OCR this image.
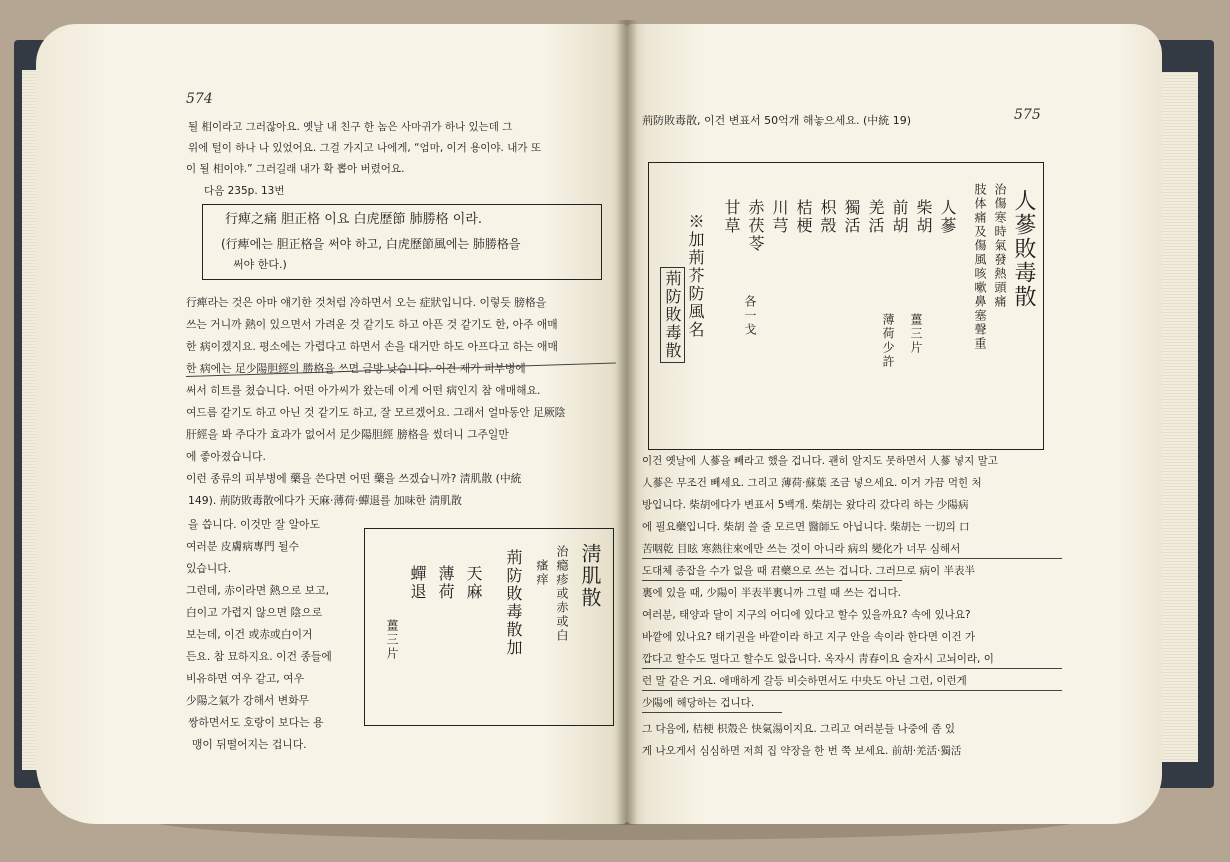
574
될 相이라고 그러잖아요. 옛날 내 친구 한 놈은 사마귀가 하나 있는데 그
위에 털이 하나 나 있었어요. 그걸 가지고 나에게, “엄마, 이거 용이야. 내가 또
이 될 相이야.” 그러길래 내가 확 뽑아 버렸어요.
다음 235p. 13번
行痺之痛 胆正格 이요 白虎歷節 肺勝格 이라.
(行痺에는 胆正格을 써야 하고, 白虎歷節風에는 肺勝格을
써야 한다.)
行痺라는 것은 아마 얘기한 것처럼 冷하면서 오는 症狀입니다. 이렇듯 膀格을
쓰는 거니까 熱이 있으면서 가려운 것 같기도 하고 아픈 것 같기도 한, 아주 애매
한 病이겠지요. 평소에는 가렵다고 하면서 손을 대거만 하도 아프다고 하는 애매
한 病에는 足少陽胆經의 勝格을 쓰면 금방 낫습니다. 이건 제가 피부병에
써서 히트를 쳤습니다. 어떤 아가씨가 왔는데 이게 어떤 病인지 참 애매해요.
여드름 같기도 하고 아닌 것 같기도 하고, 잘 모르겠어요. 그래서 얼마동안 足厥陰
肝經을 봐 주다가 효과가 없어서 足少陽胆經 膀格을 썼더니 그주일만
에 좋아졌습니다.
이런 종류의 피부병에 藥을 쓴다면 어떤 藥을 쓰겠습니까? 淸肌散 (中統
149). 荊防敗毒散에다가 天麻·薄荷·蟬退를 加味한 淸肌散
을 씁니다. 이것만 잘 알아도
여러분 皮膚病專門 될수
있습니다.
그런데, 赤이라면 熱으로 보고,
白이고 가렵지 않으면 陰으로
보는데, 이건 或赤或白이거
든요. 참 묘하지요. 이건 종들에
비유하면 여우 같고, 여우
少陽之氣가 강해서 변화무
쌍하면서도 호랑이 보다는 용
맹이 뒤떨어지는 겁니다.
淸肌散
治瘾疹或赤或白
瘙痒
荊防敗毒散加
天麻
薄荷
蟬退
薑三片
荊防敗毒散, 이건 변표서 50억개 해놓으세요. (中統 19)	575
人蔘敗毒散
治傷寒時氣發熱頭痛
肢体痛及傷風咳嗽鼻塞聲重
人蔘
柴胡
前胡
羌活
獨活
枳殼
桔梗
川芎
赤茯苓
甘草
各一戈	薑三片
薄荷少許
※加荊芥防風名
荊防敗毒散
이건 옛날에 人蔘을 빼라고 했을 겁니다. 괜히 알지도 못하면서 人蔘 넣지 말고
人蔘은 무조건 빼세요. 그리고 薄荷·蘇葉 조금 넣으세요. 이거 가끔 먹힌 처
방입니다. 柴胡에다가 변표서 5백개. 柴胡는 왔다리 갔다리 하는 少陽病
에 필요藥입니다. 柴胡 쓸 줄 모르면 醫師도 아닙니다. 柴胡는 一切의 口
苦咽乾 目眩 寒熱往來에만 쓰는 것이 아니라 病의 變化가 너무 심해서
도대체 종잡을 수가 없을 때 君藥으로 쓰는 겁니다. 그러므로 病이 半表半
裏에 있을 때, 少陽이 半表半裏니까 그럴 때 쓰는 겁니다.
여러분, 태양과 달이 지구의 어디에 있다고 할수 있을까요? 속에 있나요?
바깥에 있나요? 태기권을 바깥이라 하고 지구 안을 속이라 한다면 이건 가
깝다고 할수도 멀다고 할수도 없읍니다. 옥자시 靑春이요 술자시 고뇌이라, 이
런 말 같은 거요. 애매하게 갈등 비슷하면서도 中央도 아닌 그런, 이런게
少陽에 해당하는 겁니다.
그 다음에, 桔梗 枳殼은 快氣湯이지요. 그리고 여러분들 나중에 좀 있
게 나오게서 심심하면 저희 집 약장을 한 번 쭉 보세요. 前胡·羌活·獨活
